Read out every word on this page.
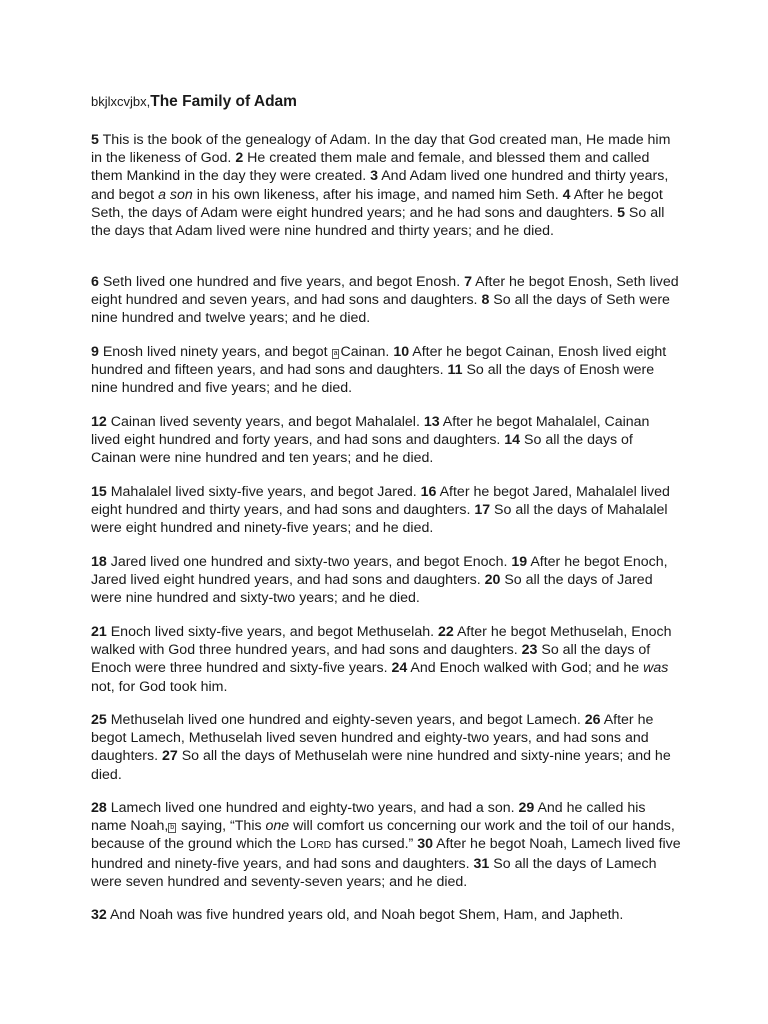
bkjlxcvjbx,The Family of Adam

5 This is the book of the genealogy of Adam. In the day that God created man, He made him in the likeness of God. 2 He created them male and female, and blessed them and called them Mankind in the day they were created. 3 And Adam lived one hundred and thirty years, and begot a son in his own likeness, after his image, and named him Seth. 4 After he begot Seth, the days of Adam were eight hundred years; and he had sons and daughters. 5 So all the days that Adam lived were nine hundred and thirty years; and he died.

6 Seth lived one hundred and five years, and begot Enosh. 7 After he begot Enosh, Seth lived eight hundred and seven years, and had sons and daughters. 8 So all the days of Seth were nine hundred and twelve years; and he died.

9 Enosh lived ninety years, and begot a Cainan. 10 After he begot Cainan, Enosh lived eight hundred and fifteen years, and had sons and daughters. 11 So all the days of Enosh were nine hundred and five years; and he died.

12 Cainan lived seventy years, and begot Mahalalel. 13 After he begot Mahalalel, Cainan lived eight hundred and forty years, and had sons and daughters. 14 So all the days of Cainan were nine hundred and ten years; and he died.

15 Mahalalel lived sixty-five years, and begot Jared. 16 After he begot Jared, Mahalalel lived eight hundred and thirty years, and had sons and daughters. 17 So all the days of Mahalalel were eight hundred and ninety-five years; and he died.

18 Jared lived one hundred and sixty-two years, and begot Enoch. 19 After he begot Enoch, Jared lived eight hundred years, and had sons and daughters. 20 So all the days of Jared were nine hundred and sixty-two years; and he died.

21 Enoch lived sixty-five years, and begot Methuselah. 22 After he begot Methuselah, Enoch walked with God three hundred years, and had sons and daughters. 23 So all the days of Enoch were three hundred and sixty-five years. 24 And Enoch walked with God; and he was not, for God took him.

25 Methuselah lived one hundred and eighty-seven years, and begot Lamech. 26 After he begot Lamech, Methuselah lived seven hundred and eighty-two years, and had sons and daughters. 27 So all the days of Methuselah were nine hundred and sixty-nine years; and he died.

28 Lamech lived one hundred and eighty-two years, and had a son. 29 And he called his name Noah, b saying, “This one will comfort us concerning our work and the toil of our hands, because of the ground which the LORD has cursed.” 30 After he begot Noah, Lamech lived five hundred and ninety-five years, and had sons and daughters. 31 So all the days of Lamech were seven hundred and seventy-seven years; and he died.

32 And Noah was five hundred years old, and Noah begot Shem, Ham, and Japheth.
